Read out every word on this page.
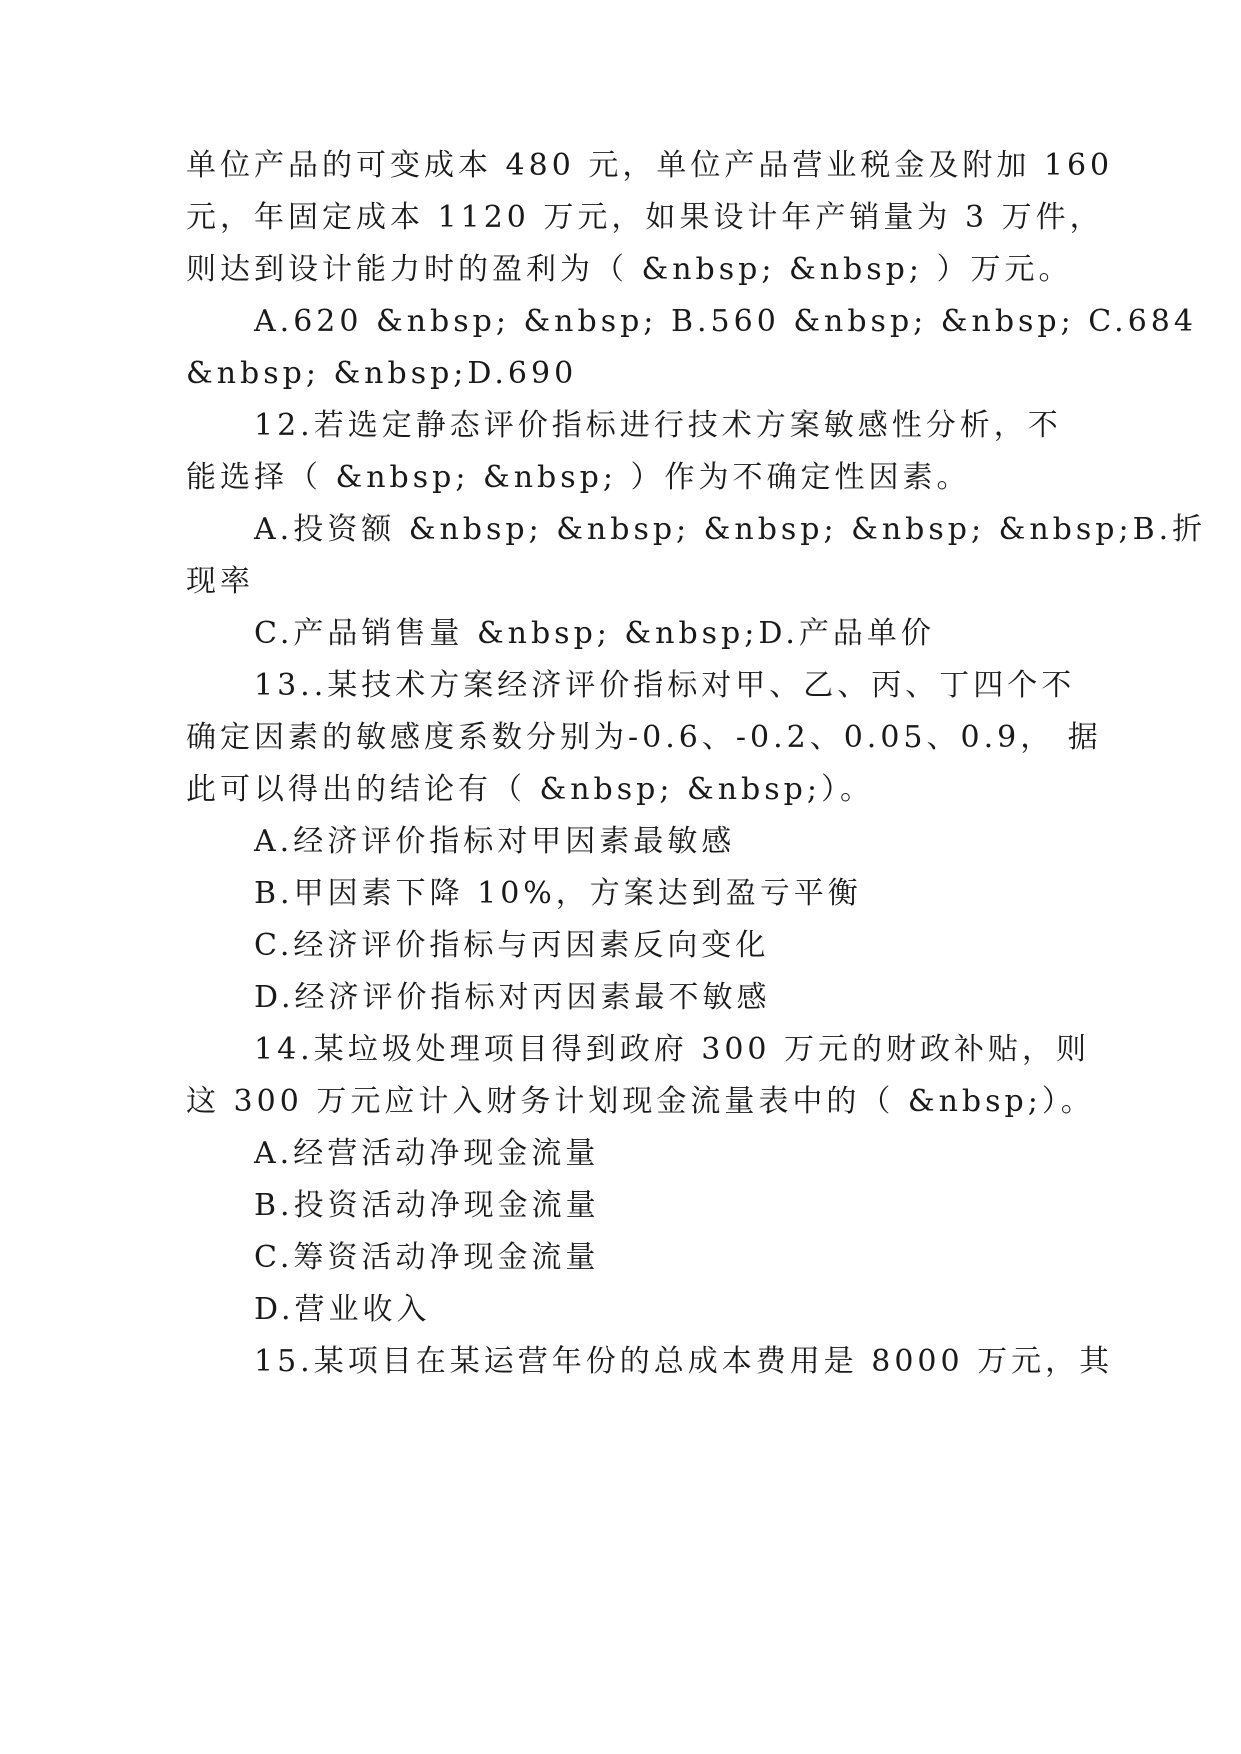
单位产品的可变成本 480 元，单位产品营业税金及附加 160
元，年固定成本 1120 万元，如果设计年产销量为 3 万件，
则达到设计能力时的盈利为（ &nbsp; &nbsp; ）万元。
A.620 &nbsp; &nbsp; B.560 &nbsp; &nbsp; C.684
&nbsp; &nbsp;D.690
12.若选定静态评价指标进行技术方案敏感性分析，不
能选择（ &nbsp; &nbsp; ）作为不确定性因素。
A.投资额 &nbsp; &nbsp; &nbsp; &nbsp; &nbsp;B.折
现率
C.产品销售量 &nbsp; &nbsp;D.产品单价
13..某技术方案经济评价指标对甲、乙、丙、丁四个不
确定因素的敏感度系数分别为-0.6、-0.2、0.05、0.9， 据
此可以得出的结论有（ &nbsp; &nbsp;）。
A.经济评价指标对甲因素最敏感
B.甲因素下降 10%，方案达到盈亏平衡
C.经济评价指标与丙因素反向变化
D.经济评价指标对丙因素最不敏感
14.某垃圾处理项目得到政府 300 万元的财政补贴，则
这 300 万元应计入财务计划现金流量表中的（ &nbsp;）。
A.经营活动净现金流量
B.投资活动净现金流量
C.筹资活动净现金流量
D.营业收入
15.某项目在某运营年份的总成本费用是 8000 万元，其
